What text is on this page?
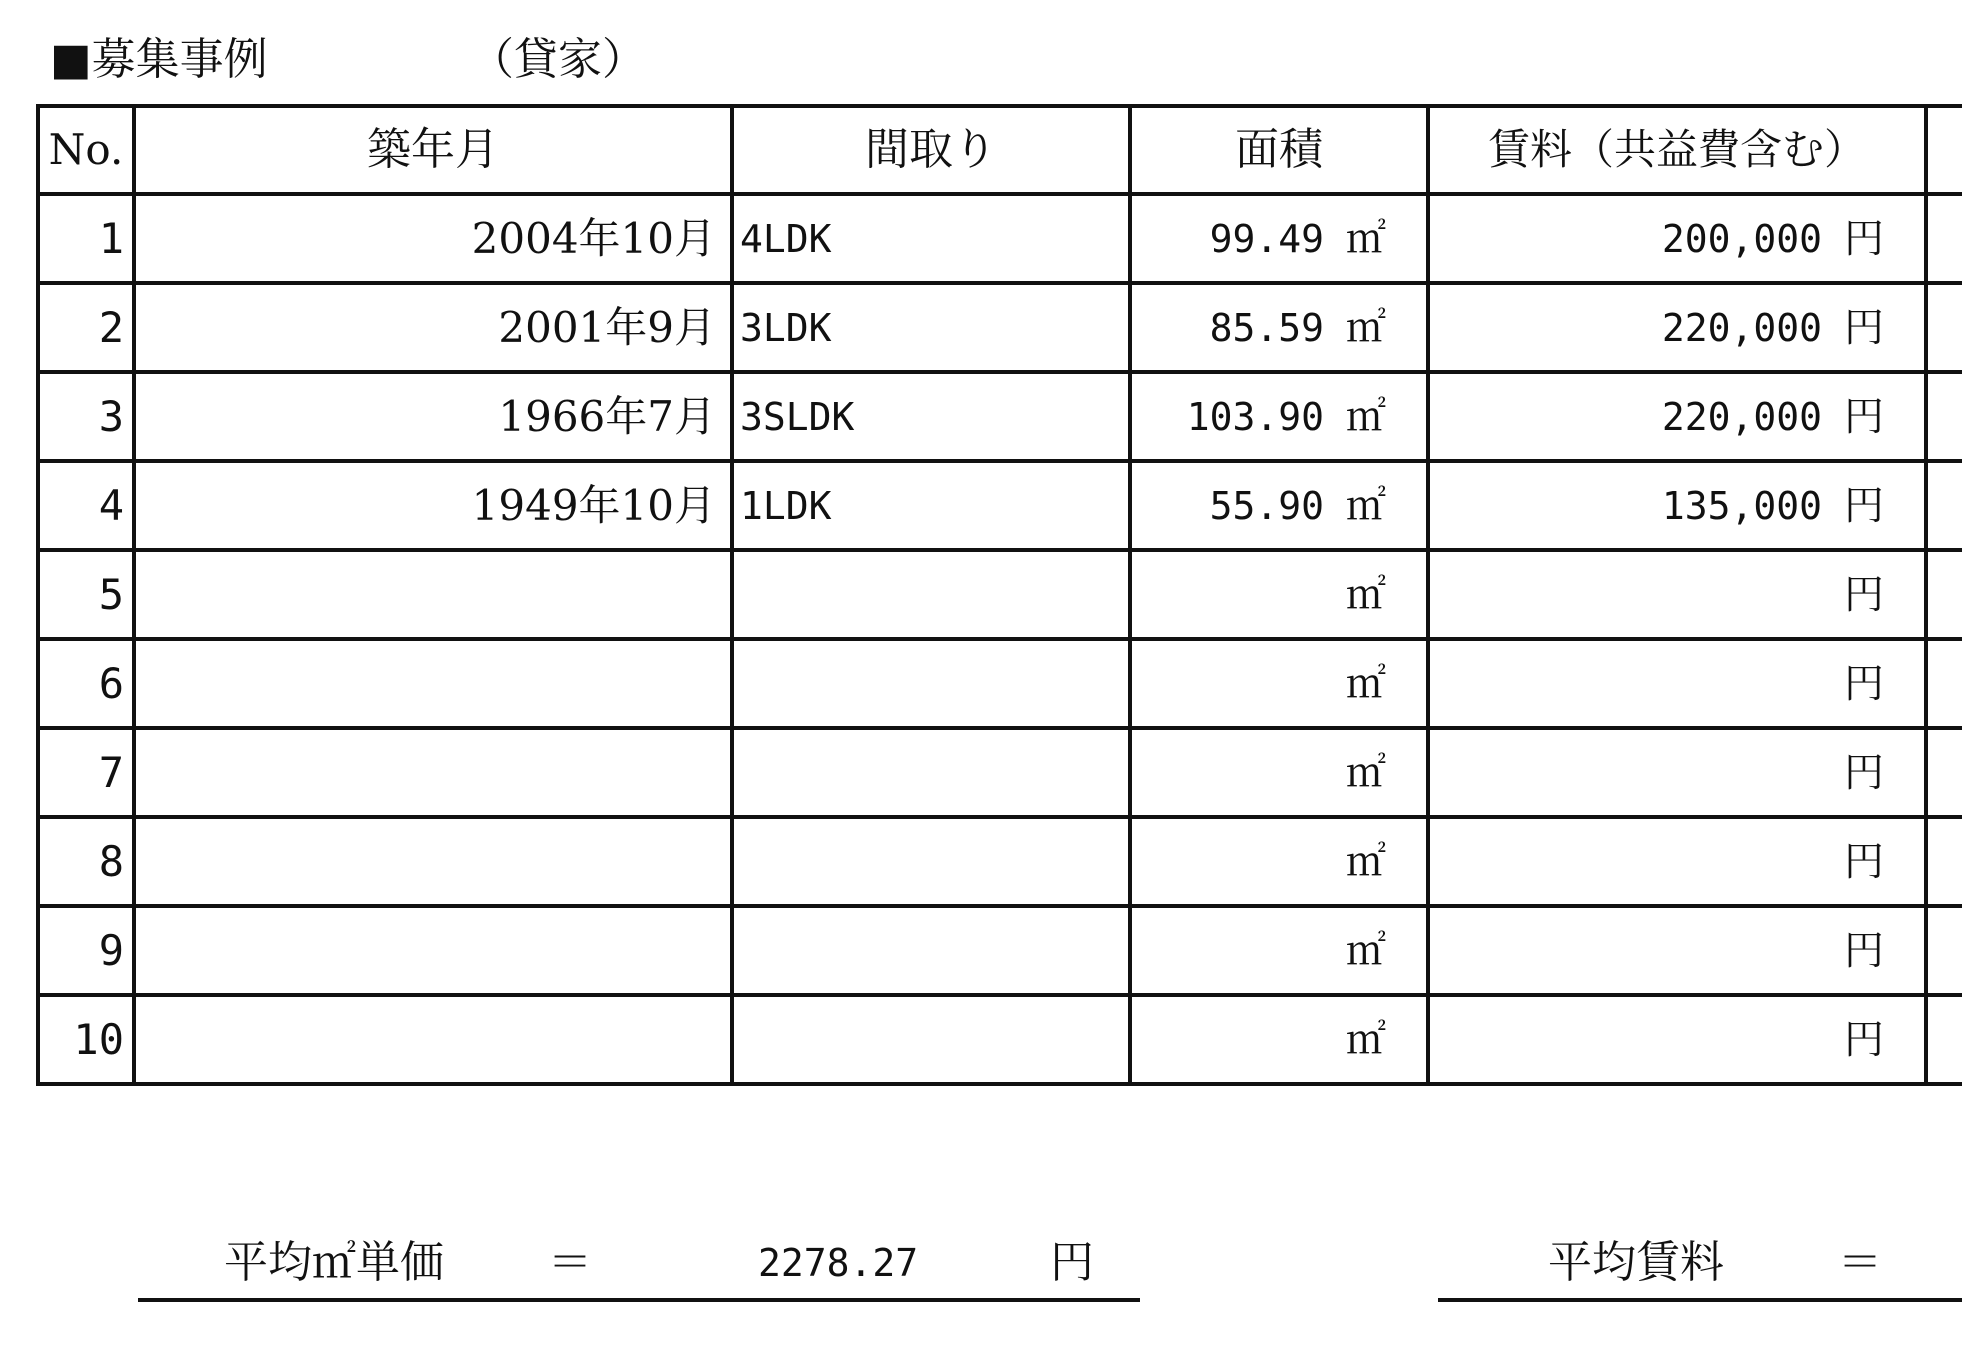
■募集事例	（貸家）
No.	築年月	間取り	面積	賃料（共益費含む）	
1	2004年10月	4LDK	99.49 ㎡	200,000 円	
2	2001年9月	3LDK	85.59 ㎡	220,000 円	
3	1966年7月	3SLDK	103.90 ㎡	220,000 円	
4	1949年10月	1LDK	55.90 ㎡	135,000 円	
5			㎡	円	
6			㎡	円	
7			㎡	円	
8			㎡	円	
9			㎡	円	
10			㎡	円	
平均㎡単価 ＝	2278.27	円	平均賃料	＝
